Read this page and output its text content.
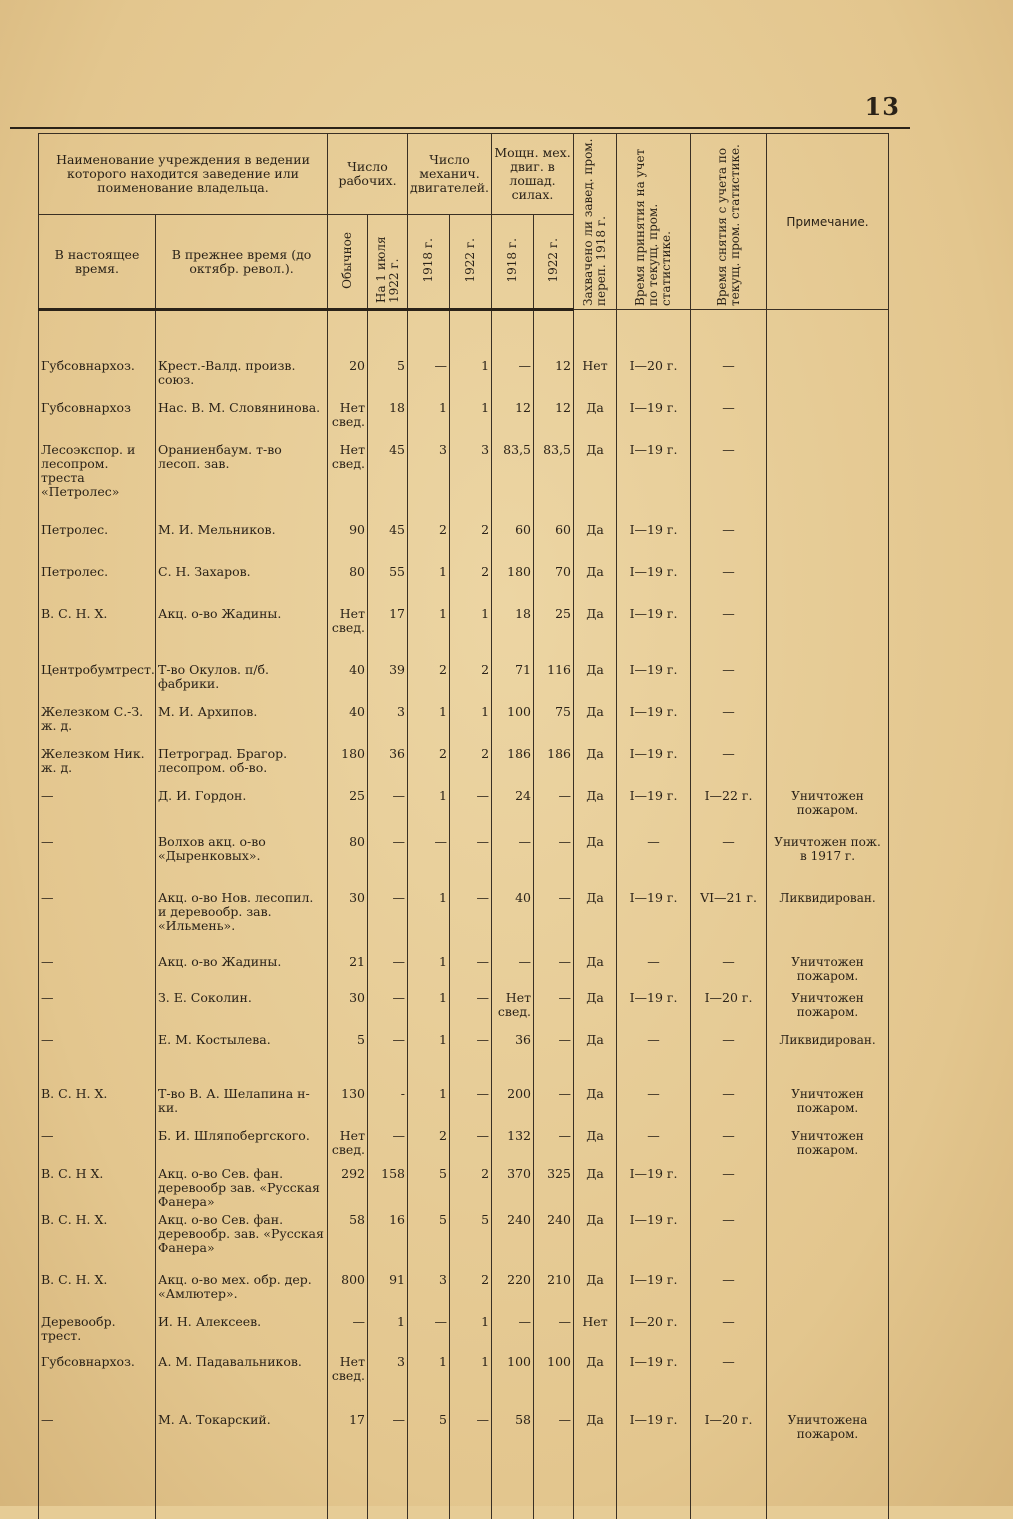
13
Наименование учреждения в ведении которого находится заведение или поименование владельца.		Число рабочих.		Число механич. двигателей.		Мощн. мех. двиг. в лошад. силах.		Захвачено ли завед. пром. переп. 1918 г.	Время принятия на учет по текущ. пром. статистике.	Время снятия с учета по текущ. пром. статистике.	Примечание.
В настоящее время.	В прежнее время (до октябр. револ.).	Обычное	На 1 июля 1922 г.	1918 г.	1922 г.	1918 г.	1922 г.				

Губсовнархоз.	Крест.-Валд. произв. союз.	20	5	—	1	—	12	Нет	I—20 г.	—	
Губсовнархоз	Нас. В. М. Словянинова.	Нет свед.	18	1	1	12	12	Да	I—19 г.	—	
Лесоэкспор. и лесопром. треста «Петролес»	Ораниенбаум. т-во лесоп. зав.	Нет свед.	45	3	3	83,5	83,5	Да	I—19 г.	—	
Петролес.	М. И. Мельников.	90	45	2	2	60	60	Да	I—19 г.	—	
Петролес.	С. Н. Захаров.	80	55	1	2	180	70	Да	I—19 г.	—	
В. С. Н. Х.	Акц. о-во Жадины.	Нет свед.	17	1	1	18	25	Да	I—19 г.	—	
Центробумтрест.	Т-во Окулов. п/б. фабрики.	40	39	2	2	71	116	Да	I—19 г.	—	
Железком С.-З. ж. д.	М. И. Архипов.	40	3	1	1	100	75	Да	I—19 г.	—	
Железком Ник. ж. д.	Петроград. Брагор. лесопром. об-во.	180	36	2	2	186	186	Да	I—19 г.	—	
—	Д. И. Гордон.	25	—	1	—	24	—	Да	I—19 г.	I—22 г.	Уничтожен пожаром.
—	Волхов акц. о-во «Дыренковых».	80	—	—	—	—	—	Да	—	—	Уничтожен пож. в 1917 г.
—	Акц. о-во Нов. лесопил. и деревообр. зав. «Ильмень».	30	—	1	—	40	—	Да	I—19 г.	VI—21 г.	Ликвидирован.
—	Акц. о-во Жадины.	21	—	1	—	—	—	Да	—	—	Уничтожен пожаром.
—	З. Е. Соколин.	30	—	1	—	Нет свед.	—	Да	I—19 г.	I—20 г.	Уничтожен пожаром.
—	Е. М. Костылева.	5	—	1	—	36	—	Да	—	—	Ликвидирован.
В. С. Н. Х.	Т-во В. А. Шелапина н-ки.	130	-	1	—	200	—	Да	—	—	Уничтожен пожаром.
—	Б. И. Шляпобергского.	Нет свед.	—	2	—	132	—	Да	—	—	Уничтожен пожаром.
В. С. Н Х.	Акц. о-во Сев. фан. деревообр зав. «Русская Фанера»	292	158	5	2	370	325	Да	I—19 г.	—	
В. С. Н. Х.	Акц. о-во Сев. фан. деревообр. зав. «Русская Фанера»	58	16	5	5	240	240	Да	I—19 г.	—	
В. С. Н. Х.	Акц. о-во мех. обр. дер. «Амлютер».	800	91	3	2	220	210	Да	I—19 г.	—	
Деревообр. трест.	И. Н. Алексеев.	—	1	—	1	—	—	Нет	I—20 г.	—	
Губсовнархоз.	А. М. Падавальников.	Нет свед.	3	1	1	100	100	Да	I—19 г.	—	
—	М. А. Токарский.	17	—	5	—	58	—	Да	I—19 г.	I—20 г.	Уничтожена пожаром.
